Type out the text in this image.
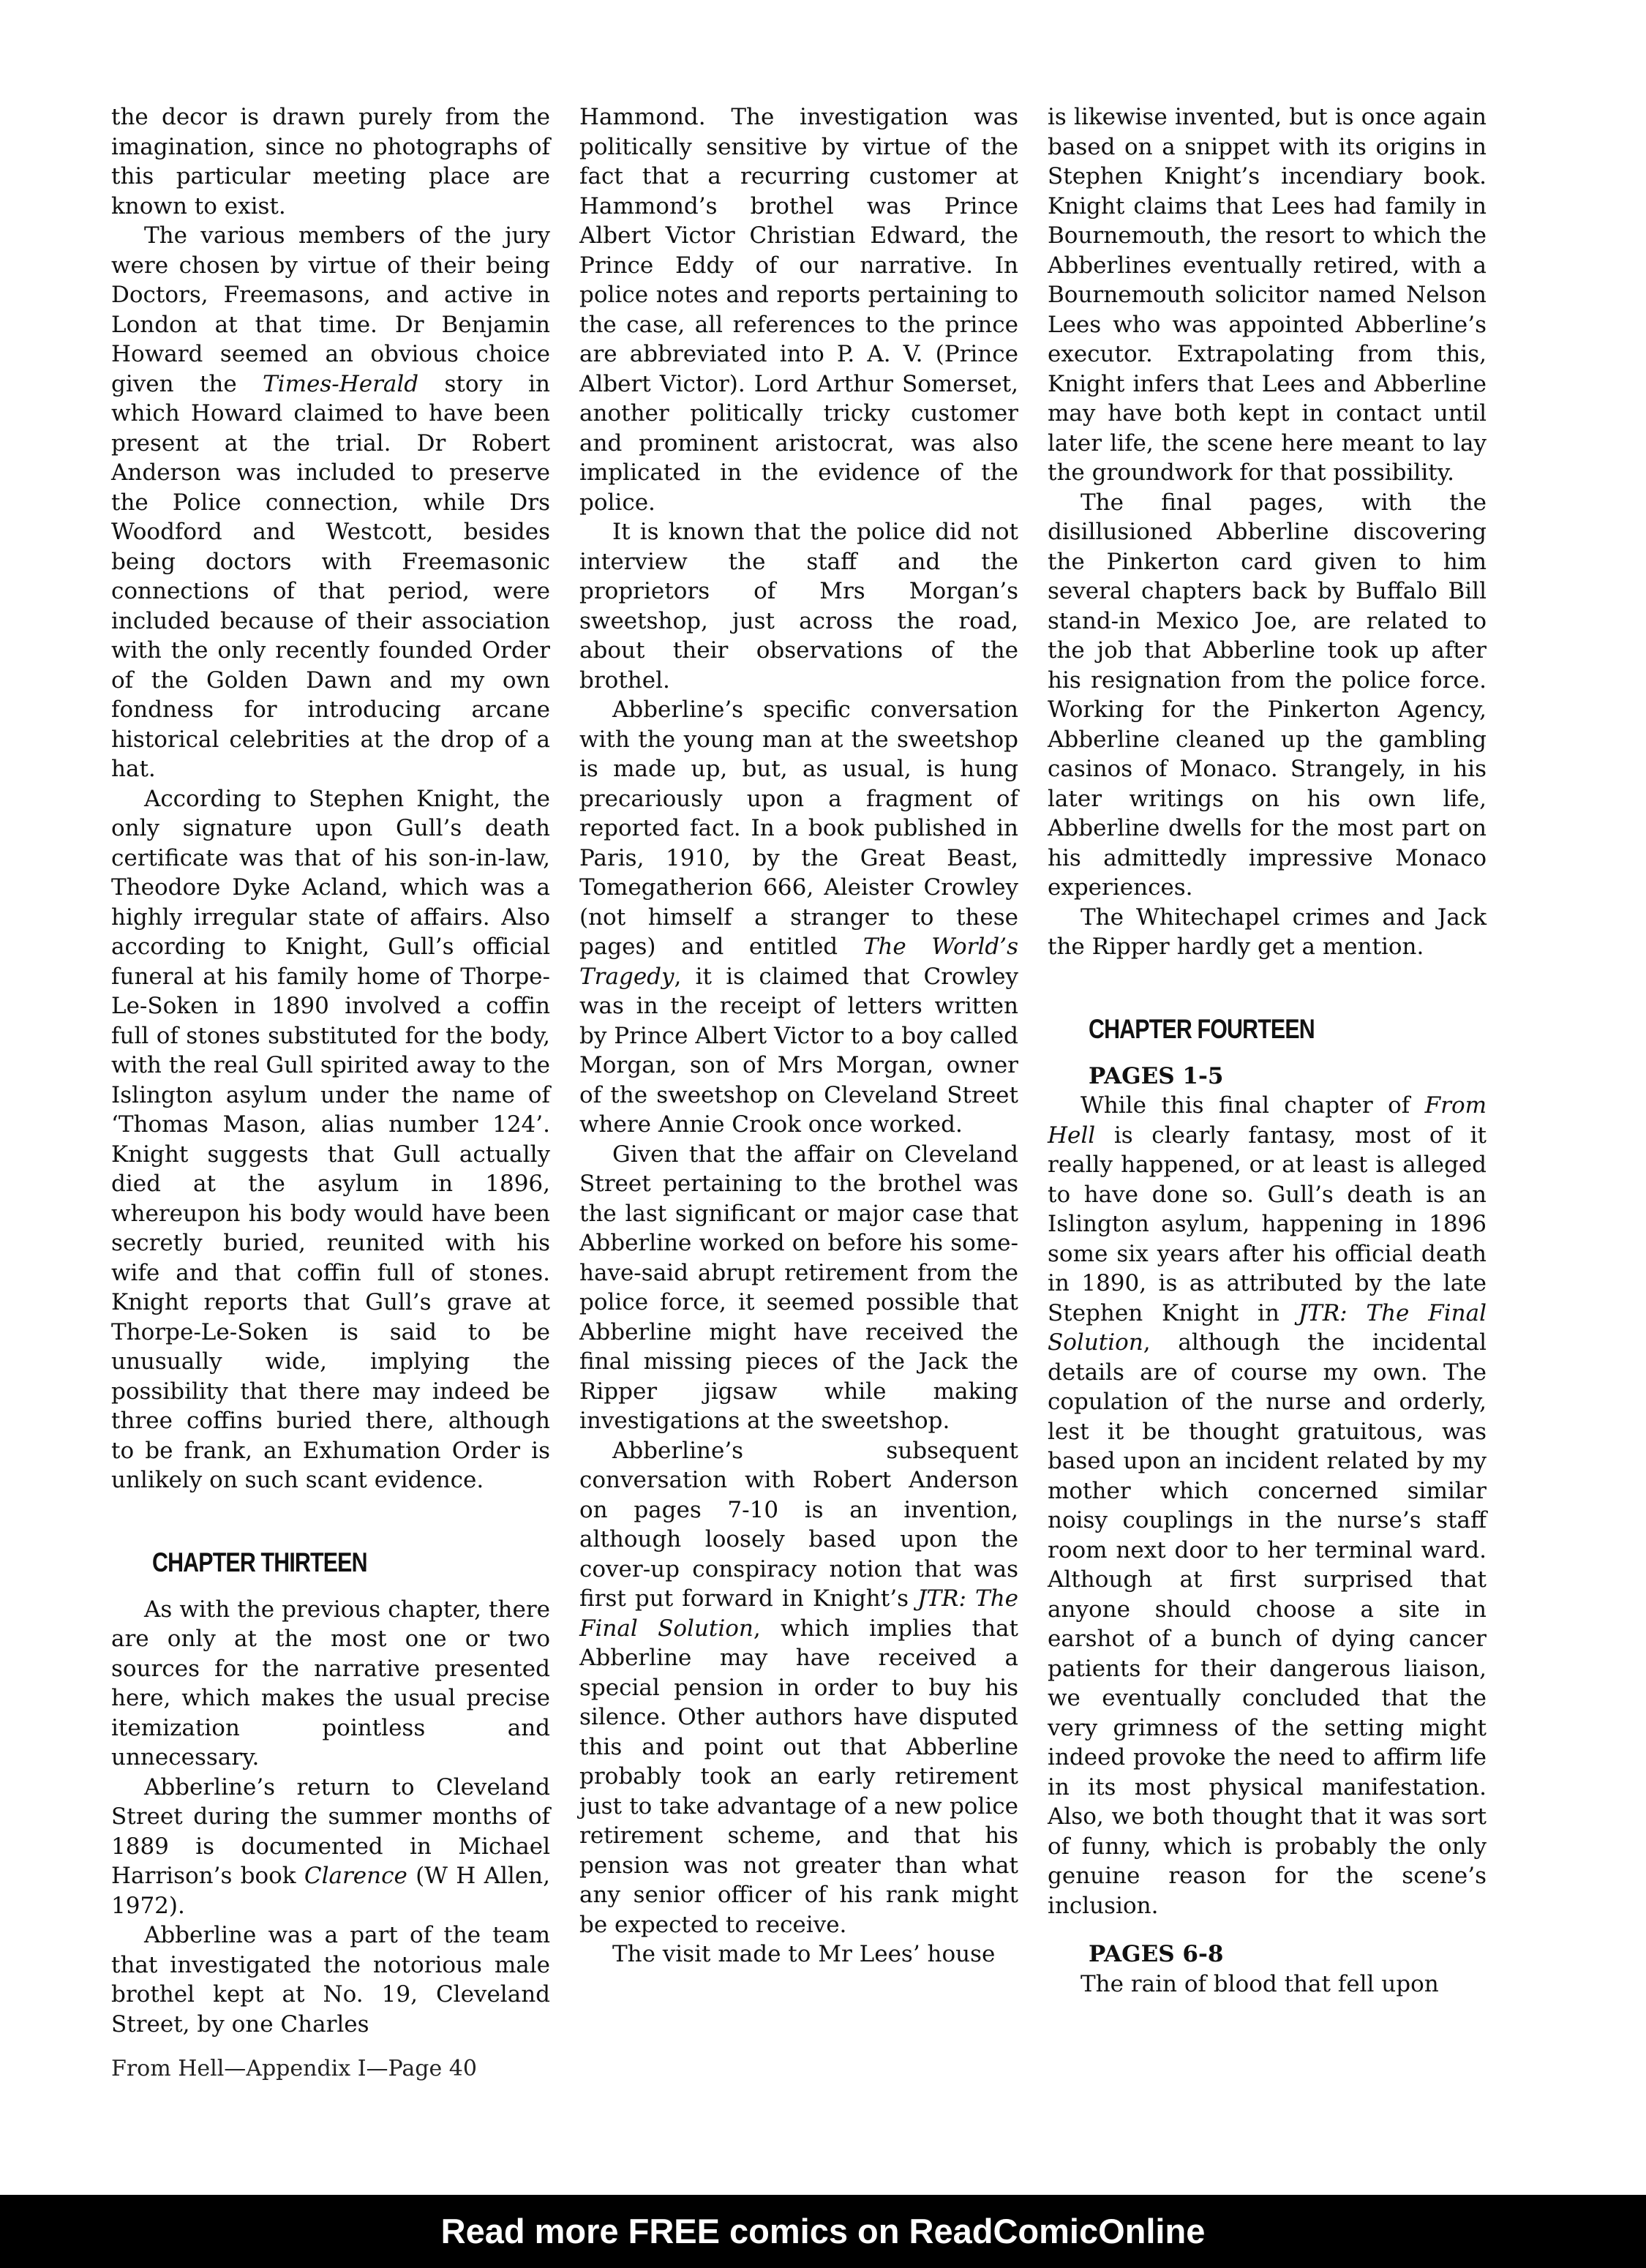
the decor is drawn purely from the imagination, since no photographs of this particular meeting place are known to exist.

The various members of the jury were chosen by virtue of their being Doctors, Freemasons, and active in London at that time. Dr Benjamin Howard seemed an obvious choice given the Times-Herald story in which Howard claimed to have been present at the trial. Dr Robert Anderson was included to preserve the Police connection, while Drs Woodford and Westcott, besides being doctors with Freemasonic connections of that period, were included because of their association with the only recently founded Order of the Golden Dawn and my own fondness for introducing arcane historical celebrities at the drop of a hat.

According to Stephen Knight, the only signature upon Gull’s death certificate was that of his son-in-law, Theodore Dyke Acland, which was a highly irregular state of affairs. Also according to Knight, Gull’s official funeral at his family home of Thorpe-Le-Soken in 1890 involved a coffin full of stones substituted for the body, with the real Gull spirited away to the Islington asylum under the name of ‘Thomas Mason, alias number 124’. Knight suggests that Gull actually died at the asylum in 1896, whereupon his body would have been secretly buried, reunited with his wife and that coffin full of stones. Knight reports that Gull’s grave at Thorpe-Le-Soken is said to be unusually wide, implying the possibility that there may indeed be three coffins buried there, although to be frank, an Exhumation Order is unlikely on such scant evidence.

CHAPTER THIRTEEN

As with the previous chapter, there are only at the most one or two sources for the narrative presented here, which makes the usual precise itemization pointless and unnecessary.

Abberline’s return to Cleveland Street during the summer months of 1889 is documented in Michael Harrison’s book Clarence (W H Allen, 1972).

Abberline was a part of the team that investigated the notorious male brothel kept at No. 19, Cleveland Street, by one Charles

Hammond. The investigation was politically sensitive by virtue of the fact that a recurring customer at Hammond’s brothel was Prince Albert Victor Christian Edward, the Prince Eddy of our narrative. In police notes and reports pertaining to the case, all references to the prince are abbreviated into P. A. V. (Prince Albert Victor). Lord Arthur Somerset, another politically tricky customer and prominent aristocrat, was also implicated in the evidence of the police.

It is known that the police did not interview the staff and the proprietors of Mrs Morgan’s sweetshop, just across the road, about their observations of the brothel.

Abberline’s specific conversation with the young man at the sweetshop is made up, but, as usual, is hung precariously upon a fragment of reported fact. In a book published in Paris, 1910, by the Great Beast, Tomegatherion 666, Aleister Crowley (not himself a stranger to these pages) and entitled The World’s Tragedy, it is claimed that Crowley was in the receipt of letters written by Prince Albert Victor to a boy called Morgan, son of Mrs Morgan, owner of the sweetshop on Cleveland Street where Annie Crook once worked.

Given that the affair on Cleveland Street pertaining to the brothel was the last significant or major case that Abberline worked on before his some-have-said abrupt retirement from the police force, it seemed possible that Abberline might have received the final missing pieces of the Jack the Ripper jigsaw while making investigations at the sweetshop.

Abberline’s subsequent conversation with Robert Anderson on pages 7-10 is an invention, although loosely based upon the cover-up conspiracy notion that was first put forward in Knight’s JTR: The Final Solution, which implies that Abberline may have received a special pension in order to buy his silence. Other authors have disputed this and point out that Abberline probably took an early retirement just to take advantage of a new police retirement scheme, and that his pension was not greater than what any senior officer of his rank might be expected to receive.

The visit made to Mr Lees’ house

is likewise invented, but is once again based on a snippet with its origins in Stephen Knight’s incendiary book. Knight claims that Lees had family in Bournemouth, the resort to which the Abberlines eventually retired, with a Bournemouth solicitor named Nelson Lees who was appointed Abberline’s executor. Extrapolating from this, Knight infers that Lees and Abberline may have both kept in contact until later life, the scene here meant to lay the groundwork for that possibility.

The final pages, with the disillusioned Abberline discovering the Pinkerton card given to him several chapters back by Buffalo Bill stand-in Mexico Joe, are related to the job that Abberline took up after his resignation from the police force. Working for the Pinkerton Agency, Abberline cleaned up the gambling casinos of Monaco. Strangely, in his later writings on his own life, Abberline dwells for the most part on his admittedly impressive Monaco experiences.

The Whitechapel crimes and Jack the Ripper hardly get a mention.

CHAPTER FOURTEEN
PAGES 1-5

While this final chapter of From Hell is clearly fantasy, most of it really happened, or at least is alleged to have done so. Gull’s death is an Islington asylum, happening in 1896 some six years after his official death in 1890, is as attributed by the late Stephen Knight in JTR: The Final Solution, although the incidental details are of course my own. The copulation of the nurse and orderly, lest it be thought gratuitous, was based upon an incident related by my mother which concerned similar noisy couplings in the nurse’s staff room next door to her terminal ward. Although at first surprised that anyone should choose a site in earshot of a bunch of dying cancer patients for their dangerous liaison, we eventually concluded that the very grimness of the setting might indeed provoke the need to affirm life in its most physical manifestation. Also, we both thought that it was sort of funny, which is probably the only genuine reason for the scene’s inclusion.

PAGES 6-8

The rain of blood that fell upon

From Hell—Appendix I—Page 40
Read more FREE comics on ReadComicOnline
